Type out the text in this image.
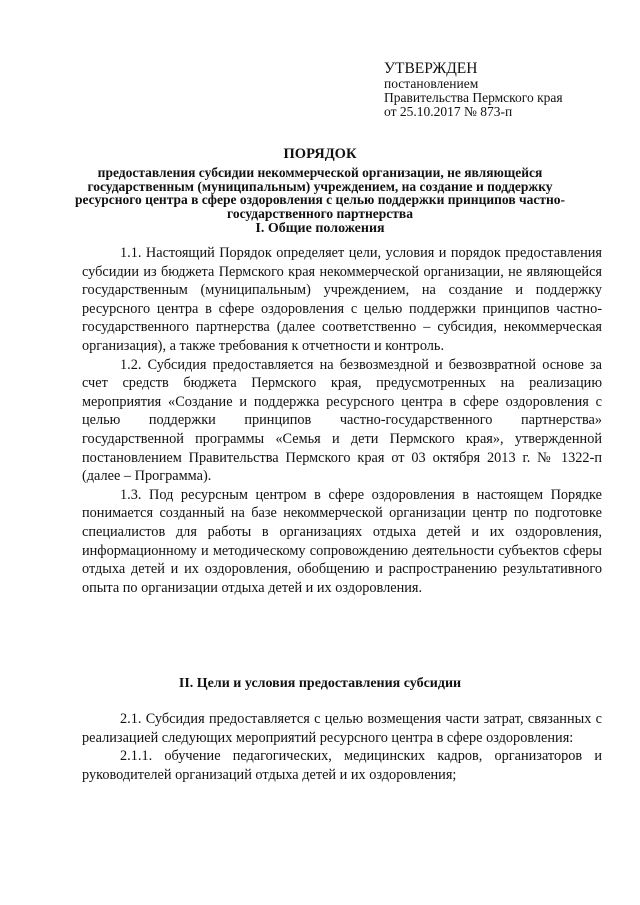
УТВЕРЖДЕН
постановлением
Правительства Пермского края
от 25.10.2017 № 873-п
ПОРЯДОК
предоставления субсидии некоммерческой организации, не являющейся государственным (муниципальным) учреждением, на создание и поддержку ресурсного центра в сфере оздоровления с целью поддержки принципов частно-государственного партнерства
I. Общие положения

1.1. Настоящий Порядок определяет цели, условия и порядок предоставления субсидии из бюджета Пермского края некоммерческой организации, не являющейся государственным (муниципальным) учреждением, на создание и поддержку ресурсного центра в сфере оздоровления с целью поддержки принципов частно-государственного партнерства (далее соответственно – субсидия, некоммерческая организация), а также требования к отчетности и контроль.

1.2. Субсидия предоставляется на безвозмездной и безвозвратной основе за счет средств бюджета Пермского края, предусмотренных на реализацию мероприятия «Создание и поддержка ресурсного центра в сфере оздоровления с целью поддержки принципов частно-государственного партнерства» государственной программы «Семья и дети Пермского края», утвержденной постановлением Правительства Пермского края от 03 октября 2013 г. № 1322-п (далее – Программа).

1.3. Под ресурсным центром в сфере оздоровления в настоящем Порядке понимается созданный на базе некоммерческой организации центр по подготовке специалистов для работы в организациях отдыха детей и их оздоровления, информационному и методическому сопровождению деятельности субъектов сферы отдыха детей и их оздоровления, обобщению и распространению результативного опыта по организации отдыха детей и их оздоровления.

II. Цели и условия предоставления субсидии

2.1. Субсидия предоставляется с целью возмещения части затрат, связанных с реализацией следующих мероприятий ресурсного центра в сфере оздоровления:

2.1.1. обучение педагогических, медицинских кадров, организаторов и руководителей организаций отдыха детей и их оздоровления;
